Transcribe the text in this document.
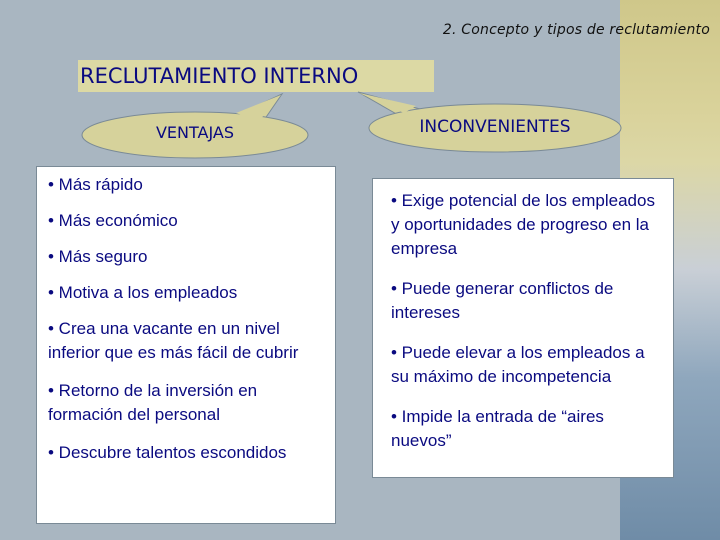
2. Concepto y tipos de reclutamiento
RECLUTAMIENTO INTERNO
VENTAJAS	INCONVENIENTES

• Más rápido

• Más económico

• Más seguro

• Motiva a los empleados

• Crea una vacante en un nivel inferior que es más fácil de cubrir

• Retorno de la inversión en formación del personal

• Descubre talentos escondidos

• Exige potencial de los empleados y oportunidades de progreso en la empresa

• Puede generar conflictos de intereses

• Puede elevar a los empleados a su máximo de incompetencia

• Impide la entrada de “aires nuevos”
